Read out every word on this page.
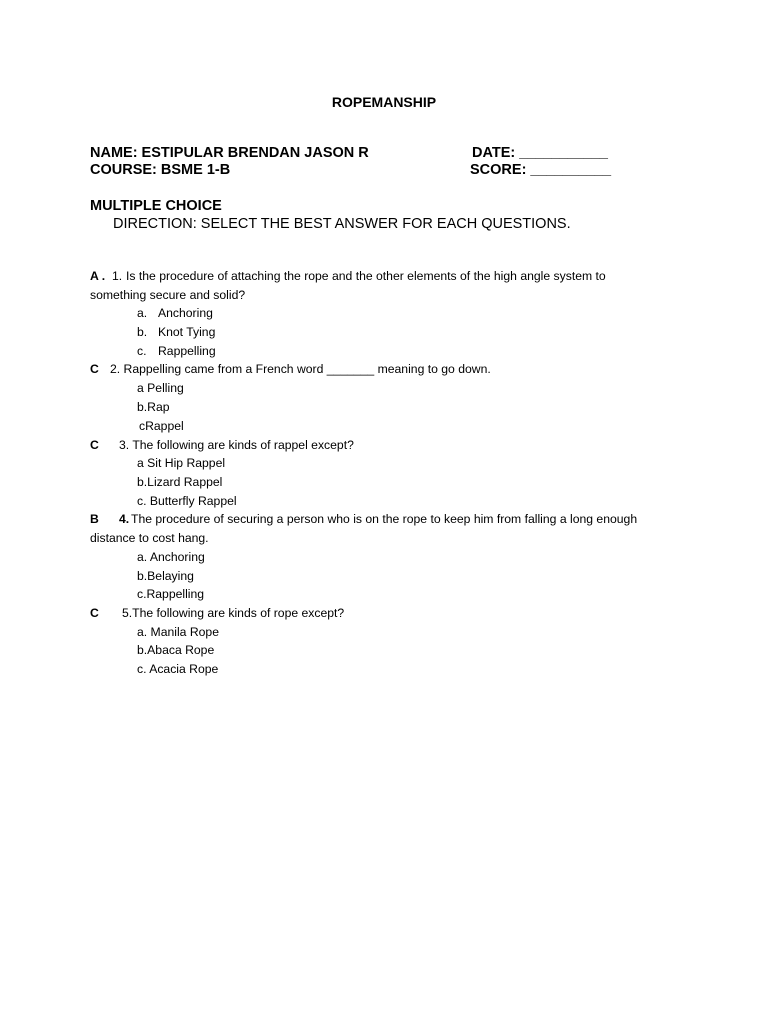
ROPEMANSHIP
NAME: ESTIPULAR BRENDAN JASON R	DATE: ___________
COURSE: BSME 1-B	SCORE: __________
MULTIPLE CHOICE
DIRECTION: SELECT THE BEST ANSWER FOR EACH QUESTIONS.
A . 1. Is the procedure of attaching the rope and the other elements of the high angle system to
something secure and solid?
a. Anchoring
b. Knot Tying
c. Rappelling
C 2. Rappelling came from a French word _______ meaning to go down.
a Pelling
b.Rap
cRappel
C 3. The following are kinds of rappel except?
a Sit Hip Rappel
b.Lizard Rappel
c. Butterfly Rappel
B 4. The procedure of securing a person who is on the rope to keep him from falling a long enough
distance to cost hang.
a. Anchoring
b.Belaying
c.Rappelling
C 5.The following are kinds of rope except?
a. Manila Rope
b.Abaca Rope
c. Acacia Rope
